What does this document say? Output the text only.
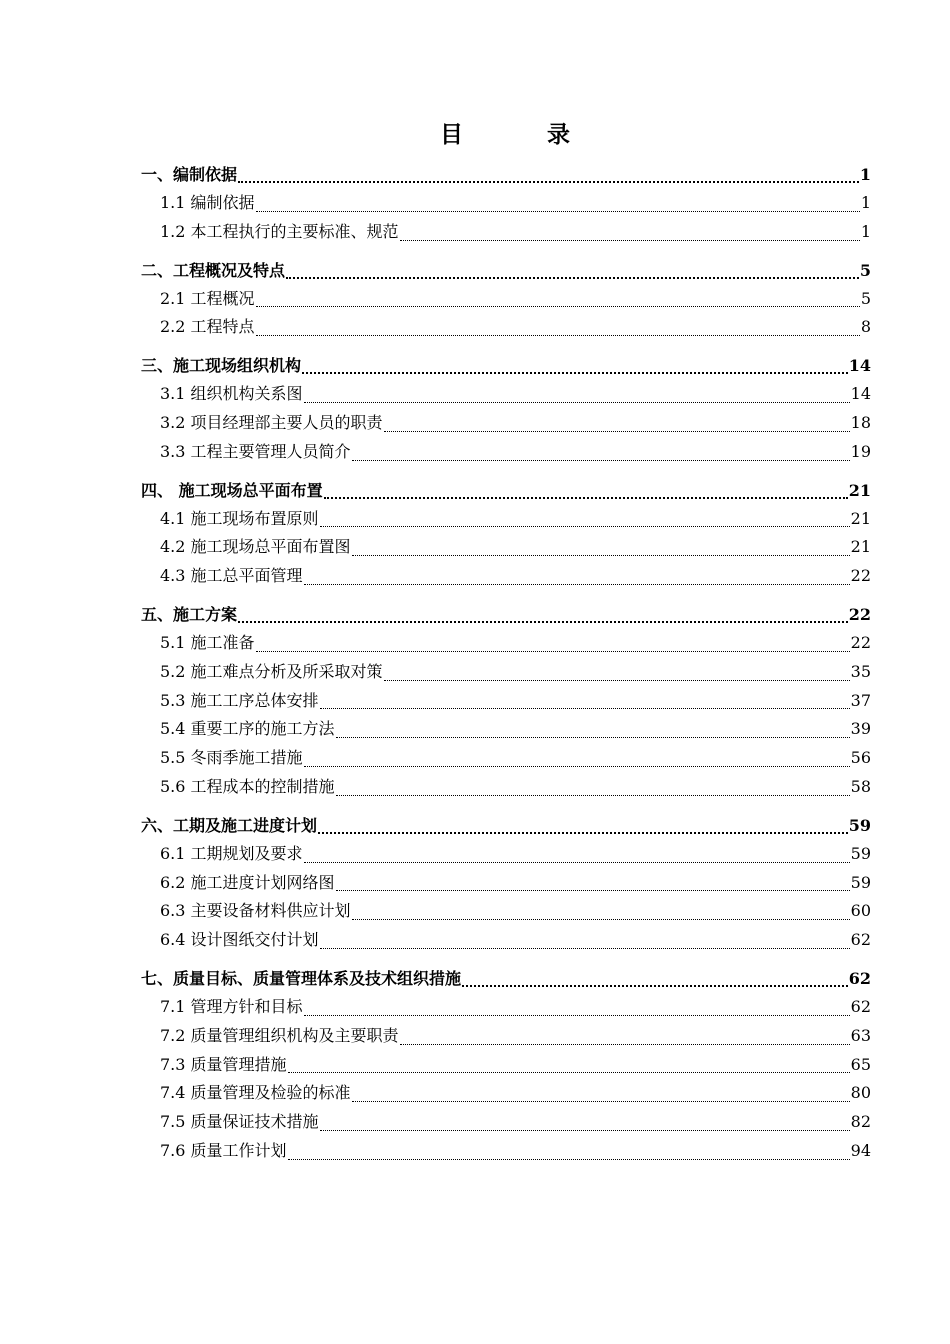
目	录
一、编制依据	1
1.1 编制依据	1
1.2 本工程执行的主要标准、规范	1
二、工程概况及特点	5
2.1 工程概况	5
2.2 工程特点	8
三、施工现场组织机构	14
3.1 组织机构关系图	14
3.2 项目经理部主要人员的职责	18
3.3 工程主要管理人员简介	19
四、 施工现场总平面布置	21
4.1 施工现场布置原则	21
4.2 施工现场总平面布置图	21
4.3 施工总平面管理	22
五、施工方案	22
5.1 施工准备	22
5.2 施工难点分析及所采取对策	35
5.3 施工工序总体安排	37
5.4 重要工序的施工方法	39
5.5 冬雨季施工措施	56
5.6 工程成本的控制措施	58
六、工期及施工进度计划	59
6.1 工期规划及要求	59
6.2 施工进度计划网络图	59
6.3 主要设备材料供应计划	60
6.4 设计图纸交付计划	62
七、质量目标、质量管理体系及技术组织措施	62
7.1 管理方针和目标	62
7.2 质量管理组织机构及主要职责	63
7.3 质量管理措施	65
7.4 质量管理及检验的标准	80
7.5 质量保证技术措施	82
7.6 质量工作计划	94
